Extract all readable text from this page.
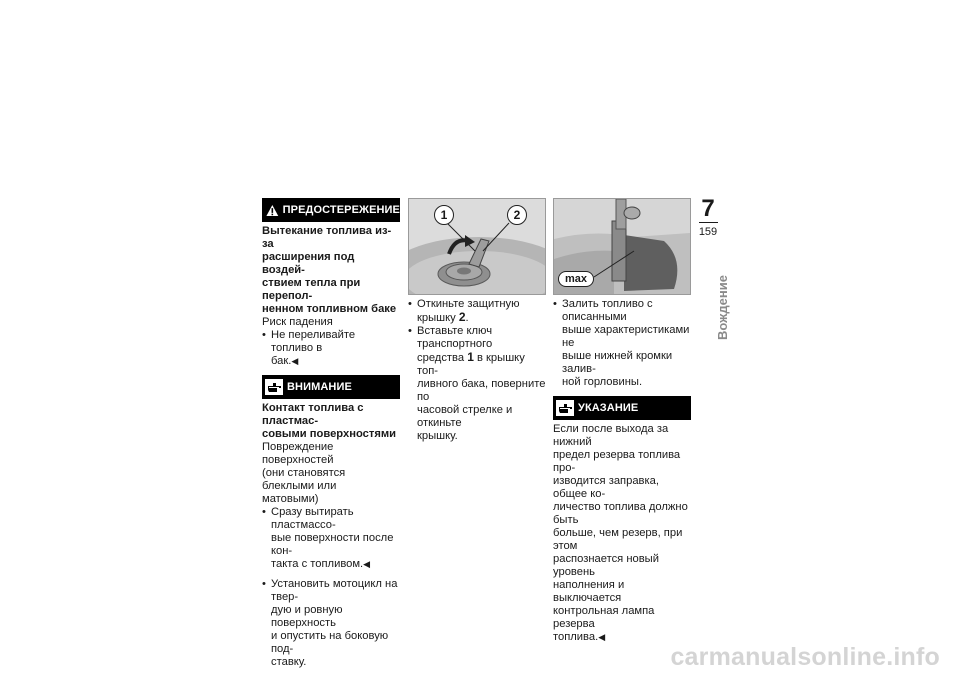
ПРЕДОСТЕРЕЖЕНИЕ

Вытекание топлива из-за
расширения под воздей-
ствием тепла при перепол-
ненном топливном баке

Риск падения

• Не переливайте топливо в
бак.◀
ВНИМАНИЕ

Контакт топлива с пластмас-
совыми поверхностями

Повреждение поверхностей
(они становятся блеклыми или
матовыми)

• Сразу вытирать пластмассо-
вые поверхности после кон-
такта с топливом.◀
• Установить мотоцикл на твер-
дую и ровную поверхность
и опустить на боковую под-
ставку.
1	2
• Откиньте защитную
крышку 2.
• Вставьте ключ транспортного
средства 1 в крышку топ-
ливного бака, поверните по
часовой стрелке и откиньте
крышку.
max
• Залить топливо с описанными
выше характеристиками не
выше нижней кромки залив-
ной горловины.
УКАЗАНИЕ

Если после выхода за нижний
предел резерва топлива про-
изводится заправка, общее ко-
личество топлива должно быть
больше, чем резерв, при этом
распознается новый уровень
наполнения и выключается
контрольная лампа резерва
топлива.◀

7
159
Вождение
carmanualsonline.info
